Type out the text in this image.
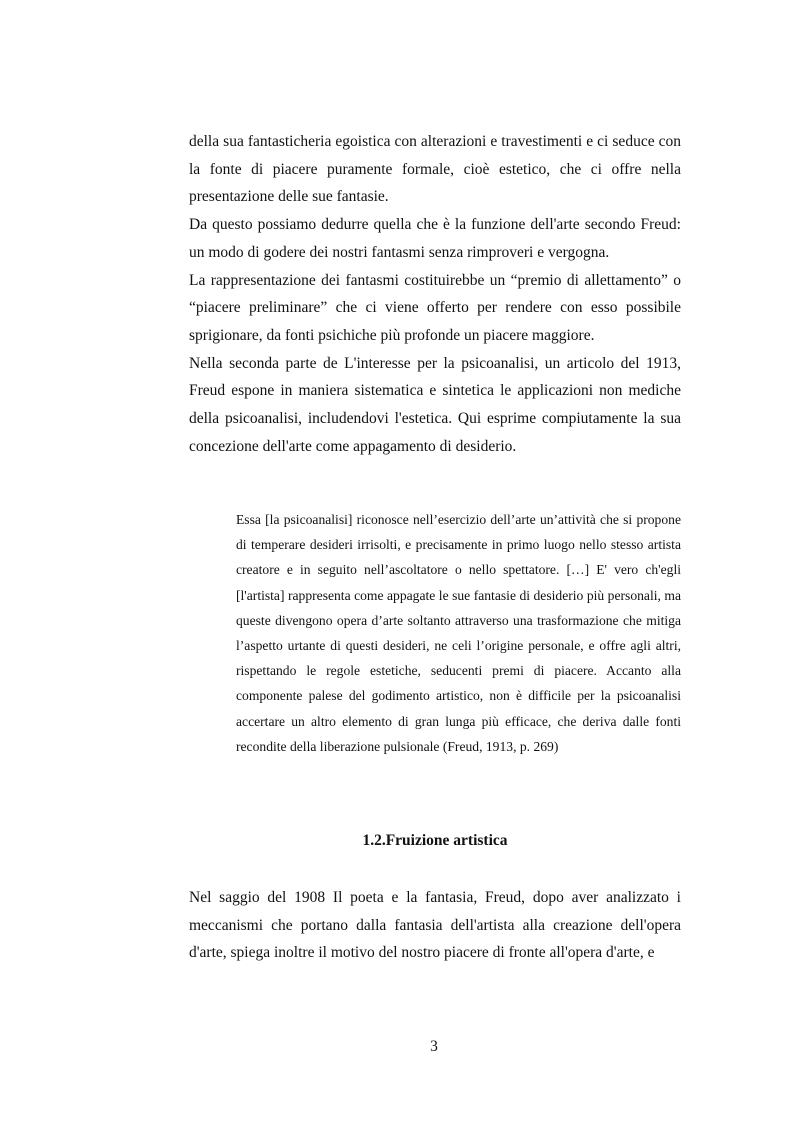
della sua fantasticheria egoistica con alterazioni e travestimenti e ci seduce con la fonte di piacere puramente formale, cioè estetico, che ci offre nella presentazione delle sue fantasie.

Da questo possiamo dedurre quella che è la funzione dell'arte secondo Freud: un modo di godere dei nostri fantasmi senza rimproveri e vergogna.

La rappresentazione dei fantasmi costituirebbe un “premio di allettamento” o “piacere preliminare” che ci viene offerto per rendere con esso possibile sprigionare, da fonti psichiche più profonde un piacere maggiore.

Nella seconda parte de L'interesse per la psicoanalisi, un articolo del 1913, Freud espone in maniera sistematica e sintetica le applicazioni non mediche della psicoanalisi, includendovi l'estetica. Qui esprime compiutamente la sua concezione dell'arte come appagamento di desiderio.

Essa [la psicoanalisi] riconosce nell’esercizio dell’arte un’attività che si propone di temperare desideri irrisolti, e precisamente in primo luogo nello stesso artista creatore e in seguito nell’ascoltatore o nello spettatore. […] E' vero ch'egli [l'artista] rappresenta come appagate le sue fantasie di desiderio più personali, ma queste divengono opera d’arte soltanto attraverso una trasformazione che mitiga l’aspetto urtante di questi desideri, ne celi l’origine personale, e offre agli altri, rispettando le regole estetiche, seducenti premi di piacere. Accanto alla componente palese del godimento artistico, non è difficile per la psicoanalisi accertare un altro elemento di gran lunga più efficace, che deriva dalle fonti recondite della liberazione pulsionale (Freud, 1913, p. 269)

1.2.Fruizione artistica

Nel saggio del 1908 Il poeta e la fantasia, Freud, dopo aver analizzato i meccanismi che portano dalla fantasia dell'artista alla creazione dell'opera d'arte, spiega inoltre il motivo del nostro piacere di fronte all'opera d'arte, e

3
